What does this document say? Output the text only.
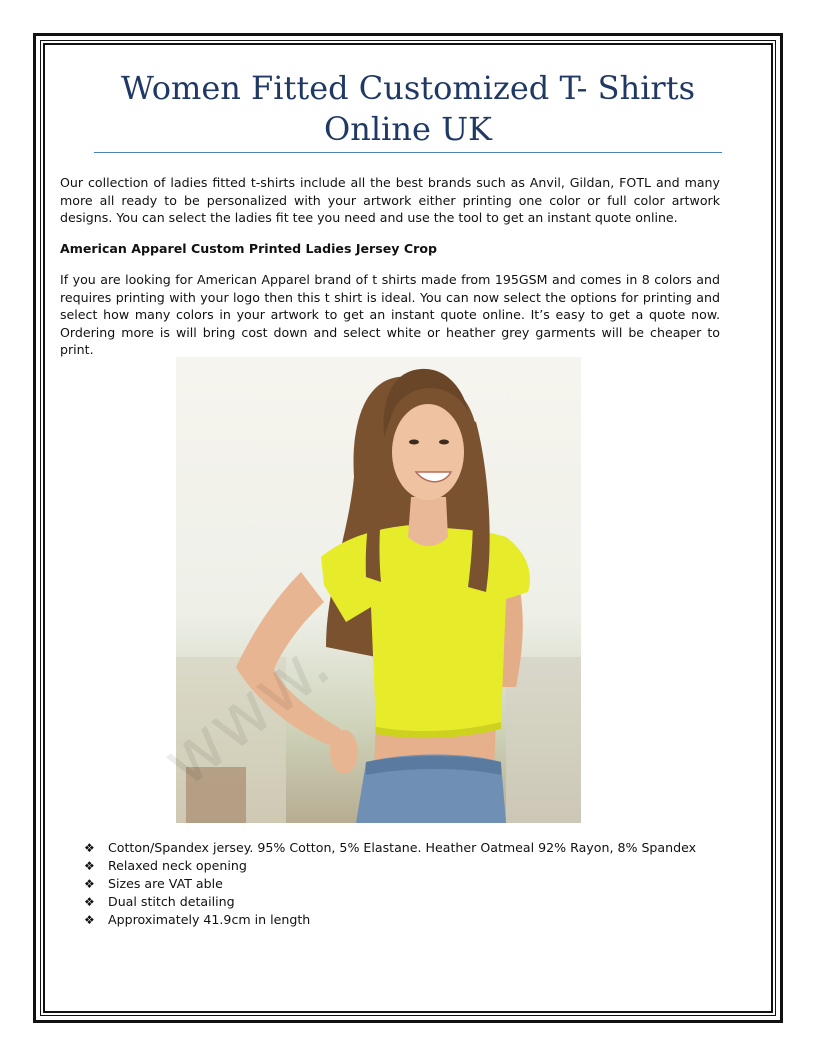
Women Fitted Customized T- Shirts Online UK

Our collection of ladies fitted t-shirts include all the best brands such as Anvil, Gildan, FOTL and many more all ready to be personalized with your artwork either printing one color or full color artwork designs. You can select the ladies fit tee you need and use the tool to get an instant quote online.

American Apparel Custom Printed Ladies Jersey Crop

If you are looking for American Apparel brand of t shirts made from 195GSM and comes in 8 colors and requires printing with your logo then this t shirt is ideal. You can now select the options for printing and select how many colors in your artwork to get an instant quote online. It’s easy to get a quote now. Ordering more is will bring cost down and select white or heather grey garments will be cheaper to print.

❖	Cotton/Spandex jersey. 95% Cotton, 5% Elastane. Heather Oatmeal 92% Rayon, 8% Spandex
❖	Relaxed neck opening
❖	Sizes are VAT able
❖	Dual stitch detailing
❖	Approximately 41.9cm in length
